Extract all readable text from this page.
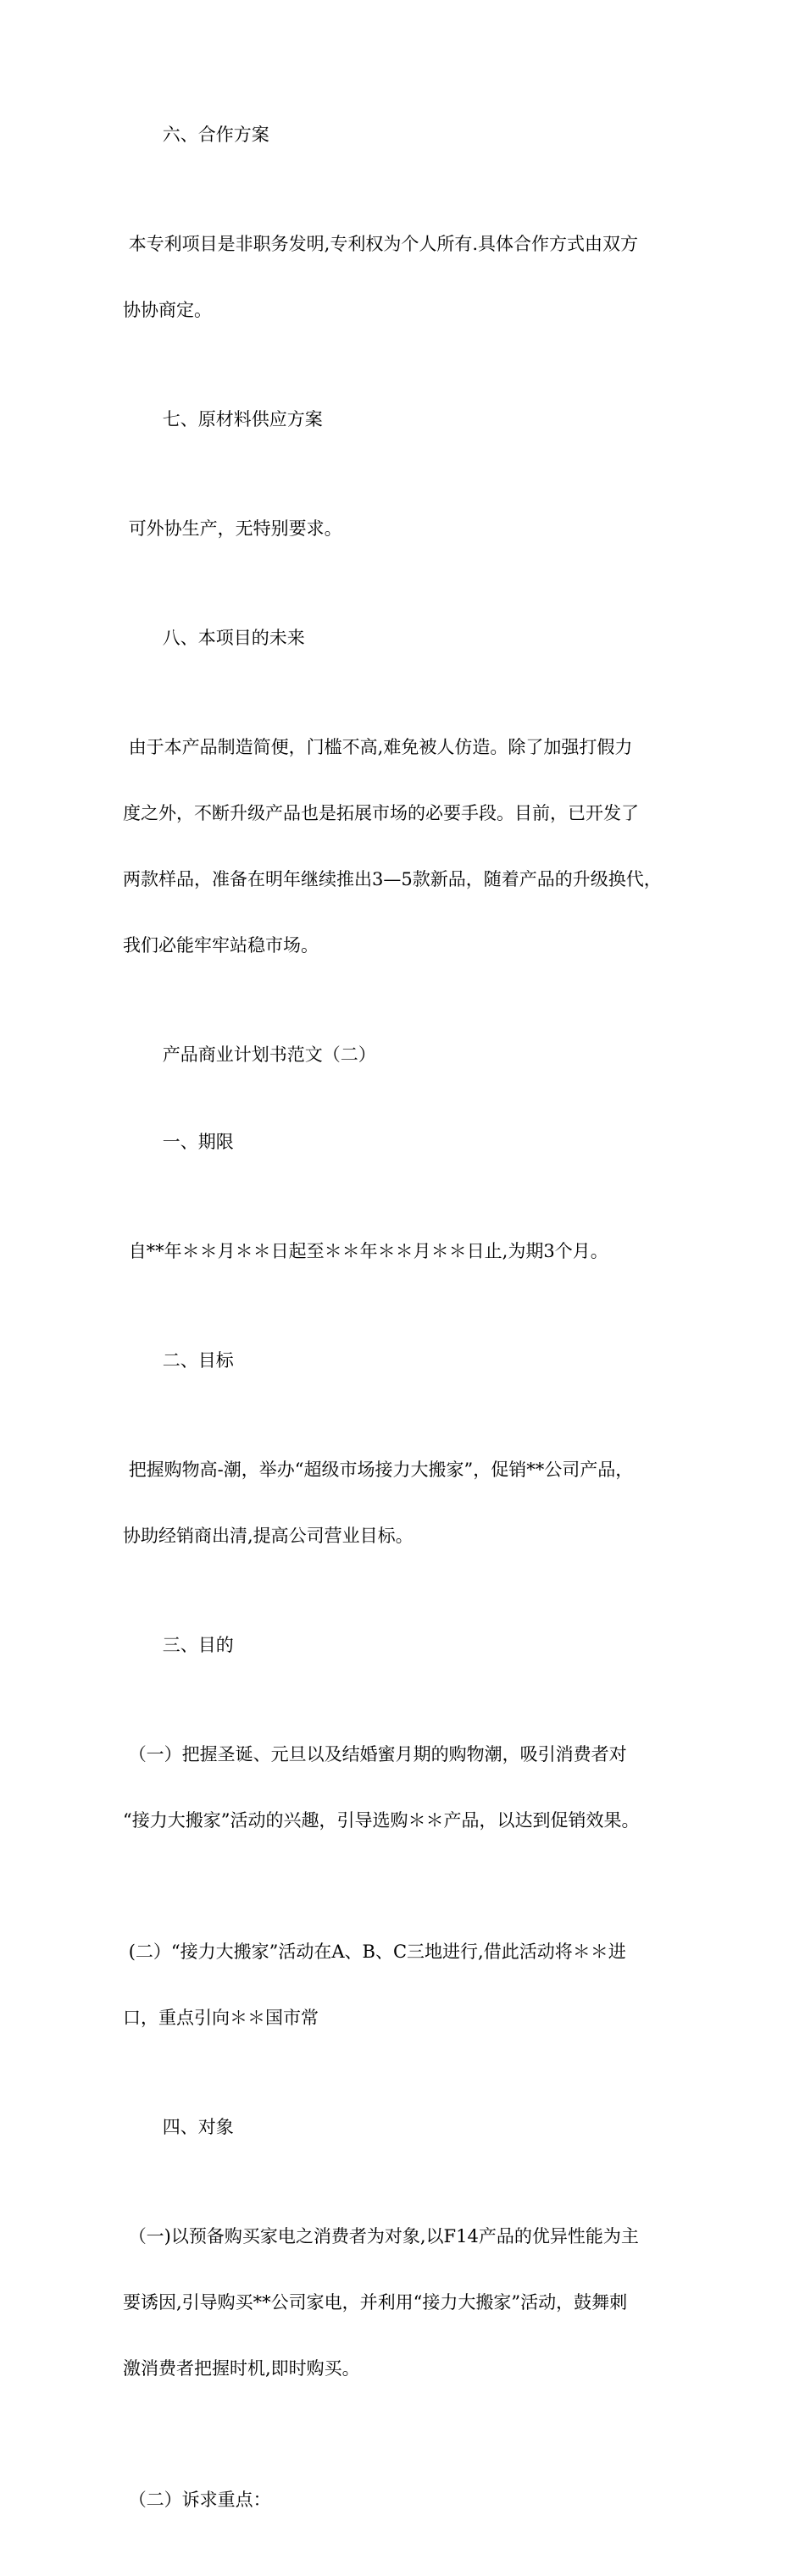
六、合作方案

本专利项目是非职务发明,专利权为个人所有.具体合作方式由双方

协协商定。

七、原材料供应方案

可外协生产，无特别要求。

八、本项目的未来

由于本产品制造简便，门槛不高,难免被人仿造。除了加强打假力

度之外，不断升级产品也是拓展市场的必要手段。目前，已开发了

两款样品，准备在明年继续推出3—5款新品，随着产品的升级换代，

我们必能牢牢站稳市场。

产品商业计划书范文（二）

一、期限

自**年＊＊月＊＊日起至＊＊年＊＊月＊＊日止,为期3个月。

二、目标

把握购物高-潮，举办“超级市场接力大搬家”，促销**公司产品，

协助经销商出清,提高公司营业目标。

三、目的

（一）把握圣诞、元旦以及结婚蜜月期的购物潮，吸引消费者对

“接力大搬家”活动的兴趣，引导选购＊＊产品，以达到促销效果。

(二）“接力大搬家”活动在A、B、C三地进行,借此活动将＊＊进

口，重点引向＊＊国市常

四、对象

（一)以预备购买家电之消费者为对象,以F14产品的优异性能为主

要诱因,引导购买**公司家电，并利用“接力大搬家”活动，鼓舞刺

激消费者把握时机,即时购买。

（二）诉求重点：
